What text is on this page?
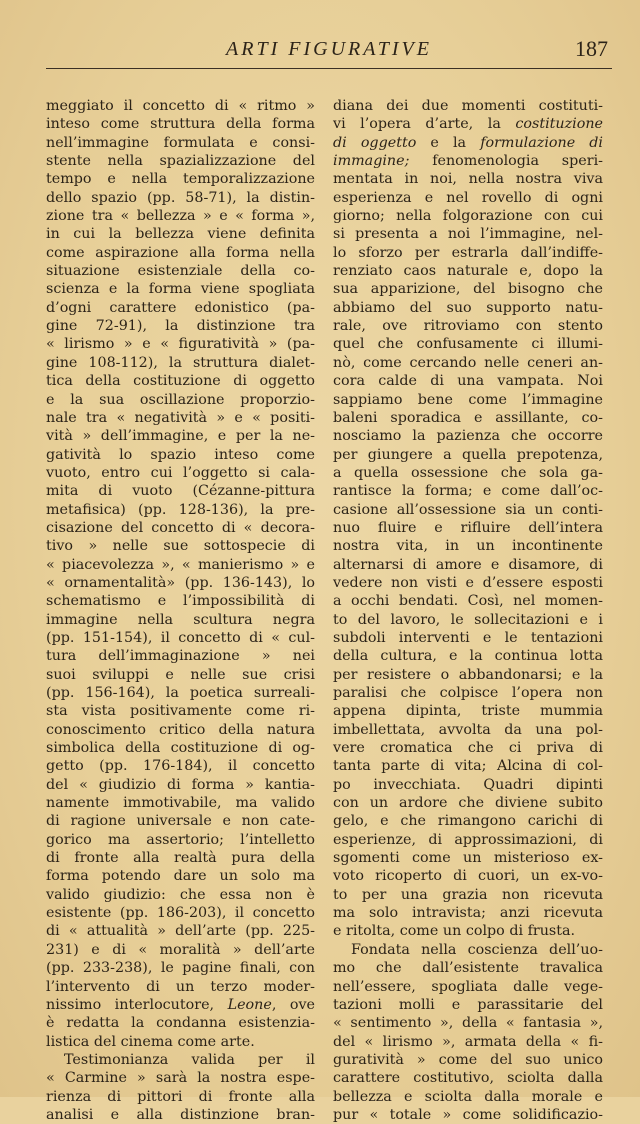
ARTI FIGURATIVE	187
meggiato il concetto di « ritmo »
inteso come struttura della forma
nell’immagine formulata e consi-
stente nella spazializzazione del
tempo e nella temporalizzazione
dello spazio (pp. 58-71), la distin-
zione tra « bellezza » e « forma »,
in cui la bellezza viene definita
come aspirazione alla forma nella
situazione esistenziale della co-
scienza e la forma viene spogliata
d’ogni carattere edonistico (pa-
gine 72-91), la distinzione tra
« lirismo » e « figuratività » (pa-
gine 108-112), la struttura dialet-
tica della costituzione di oggetto
e la sua oscillazione proporzio-
nale tra « negatività » e « positi-
vità » dell’immagine, e per la ne-
gatività lo spazio inteso come
vuoto, entro cui l’oggetto si cala-
mita di vuoto (Cézanne-pittura
metafisica) (pp. 128-136), la pre-
cisazione del concetto di « decora-
tivo » nelle sue sottospecie di
« piacevolezza », « manierismo » e
« ornamentalità» (pp. 136-143), lo
schematismo e l’impossibilità di
immagine nella scultura negra
(pp. 151-154), il concetto di « cul-
tura dell’immaginazione » nei
suoi sviluppi e nelle sue crisi
(pp. 156-164), la poetica surreali-
sta vista positivamente come ri-
conoscimento critico della natura
simbolica della costituzione di og-
getto (pp. 176-184), il concetto
del « giudizio di forma » kantia-
namente immotivabile, ma valido
di ragione universale e non cate-
gorico ma assertorio; l’intelletto
di fronte alla realtà pura della
forma potendo dare un solo ma
valido giudizio: che essa non è
esistente (pp. 186-203), il concetto
di « attualità » dell’arte (pp. 225-
231) e di « moralità » dell’arte
(pp. 233-238), le pagine finali, con
l’intervento di un terzo moder-
nissimo interlocutore, Leone, ove
è redatta la condanna esistenzia-
listica del cinema come arte.
Testimonianza valida per il
« Carmine » sarà la nostra espe-
rienza di pittori di fronte alla
analisi e alla distinzione bran-
diana dei due momenti costituti-
vi l’opera d’arte, la costituzione
di oggetto e la formulazione di
immagine; fenomenologia speri-
mentata in noi, nella nostra viva
esperienza e nel rovello di ogni
giorno; nella folgorazione con cui
si presenta a noi l’immagine, nel-
lo sforzo per estrarla dall’indiffe-
renziato caos naturale e, dopo la
sua apparizione, del bisogno che
abbiamo del suo supporto natu-
rale, ove ritroviamo con stento
quel che confusamente ci illumi-
nò, come cercando nelle ceneri an-
cora calde di una vampata. Noi
sappiamo bene come l’immagine
baleni sporadica e assillante, co-
nosciamo la pazienza che occorre
per giungere a quella prepotenza,
a quella ossessione che sola ga-
rantisce la forma; e come dall’oc-
casione all’ossessione sia un conti-
nuo fluire e rifluire dell’intera
nostra vita, in un incontinente
alternarsi di amore e disamore, di
vedere non visti e d’essere esposti
a occhi bendati. Così, nel momen-
to del lavoro, le sollecitazioni e i
subdoli interventi e le tentazioni
della cultura, e la continua lotta
per resistere o abbandonarsi; e la
paralisi che colpisce l’opera non
appena dipinta, triste mummia
imbellettata, avvolta da una pol-
vere cromatica che ci priva di
tanta parte di vita; Alcina di col-
po invecchiata. Quadri dipinti
con un ardore che diviene subito
gelo, e che rimangono carichi di
esperienze, di approssimazioni, di
sgomenti come un misterioso ex-
voto ricoperto di cuori, un ex-vo-
to per una grazia non ricevuta
ma solo intravista; anzi ricevuta
e ritolta, come un colpo di frusta.
Fondata nella coscienza dell’uo-
mo che dall’esistente travalica
nell’essere, spogliata dalle vege-
tazioni molli e parassitarie del
« sentimento », della « fantasia »,
del « lirismo », armata della « fi-
guratività » come del suo unico
carattere costitutivo, sciolta dalla
bellezza e sciolta dalla morale e
pur « totale » come solidificazio-
